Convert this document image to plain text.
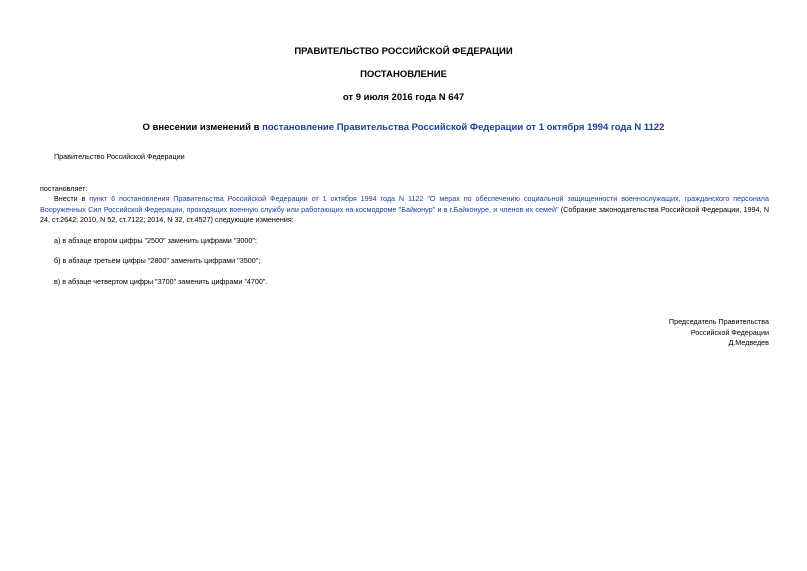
ПРАВИТЕЛЬСТВО РОССИЙСКОЙ ФЕДЕРАЦИИ
ПОСТАНОВЛЕНИЕ
от 9 июля 2016 года N 647
О внесении изменений в постановление Правительства Российской Федерации от 1 октября 1994 года N 1122
Правительство Российской Федерации
постановляет:
Внести в пункт 6 постановления Правительства Российской Федерации от 1 октября 1994 года N 1122 "О мерах по обеспечению социальной защищенности военнослужащих, гражданского персонала Вооруженных Сил Российской Федерации, проходящих военную службу или работающих на космодроме "Байконур" и в г.Байконуре, и членов их семей" (Собрание законодательства Российской Федерации, 1994, N 24, ст.2642; 2010, N 52, ст.7122; 2014, N 32, ст.4527) следующие изменения:
а) в абзаце втором цифры "2500" заменить цифрами "3000";
б) в абзаце третьем цифры "2800" заменить цифрами "3500";
в) в абзаце четвертом цифры "3700" заменить цифрами "4700".
Председатель Правительства
Российской Федерации
Д.Медведев
